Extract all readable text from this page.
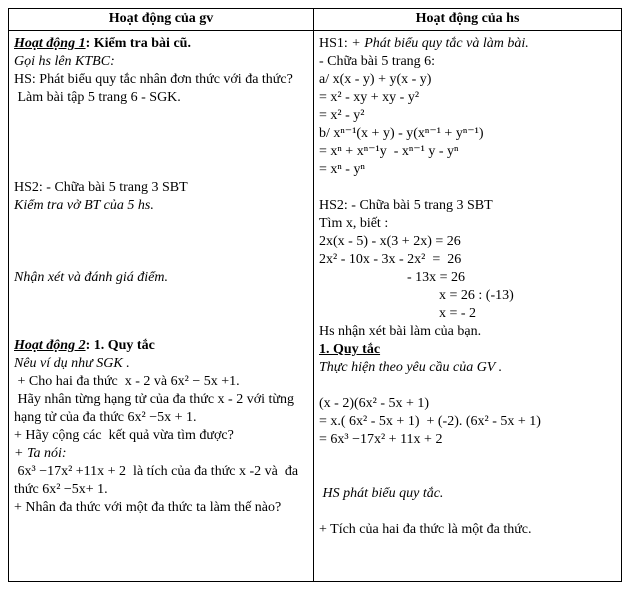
Hoạt động của gv	Hoạt động của hs
Hoạt động 1: Kiểm tra bài cũ.
Gọi hs lên KTBC:
HS: Phát biểu quy tắc nhân đơn thức với đa thức?
Làm bài tập 5 trang 6 - SGK.
HS2: - Chữa bài 5 trang 3 SBT
Kiểm tra vở BT của 5 hs.
Nhận xét và đánh giá điểm.
Hoạt động 2: 1. Quy tắc
Nêu ví dụ như SGK .
+ Cho hai đa thức  x - 2 và 6x² − 5x +1.
Hãy nhân từng hạng tử của đa thức x - 2 với từng hạng tử của đa thức 6x² −5x + 1.
+ Hãy cộng các  kết quả vừa tìm được?
+ Ta nói:
6x³ −17x² +11x + 2  là tích của đa thức x -2 và  đa thức 6x² −5x+ 1.
+ Nhân đa thức với một đa thức ta làm thế nào?
HS1: + Phát biểu quy tắc và làm bài.
- Chữa bài 5 trang 6:
a/ x(x - y) + y(x - y)
= x² - xy + xy - y²
= x² - y²
b/ xⁿ⁻¹(x + y) - y(xⁿ⁻¹ + yⁿ⁻¹)
= xⁿ + xⁿ⁻¹y  - xⁿ⁻¹ y - yⁿ
= xⁿ - yⁿ
HS2: - Chữa bài 5 trang 3 SBT
Tìm x, biết :
2x(x - 5) - x(3 + 2x) = 26
2x² - 10x - 3x - 2x²  =  26
- 13x = 26
x = 26 : (-13)
x = - 2
Hs nhận xét bài làm của bạn.
1. Quy tắc
Thực hiện theo yêu cầu của GV .
(x - 2)(6x² - 5x + 1)
= x.( 6x² - 5x + 1)  + (-2). (6x² - 5x + 1)
= 6x³ −17x² + 11x + 2
HS phát biểu quy tắc.
+ Tích của hai đa thức là một đa thức.
